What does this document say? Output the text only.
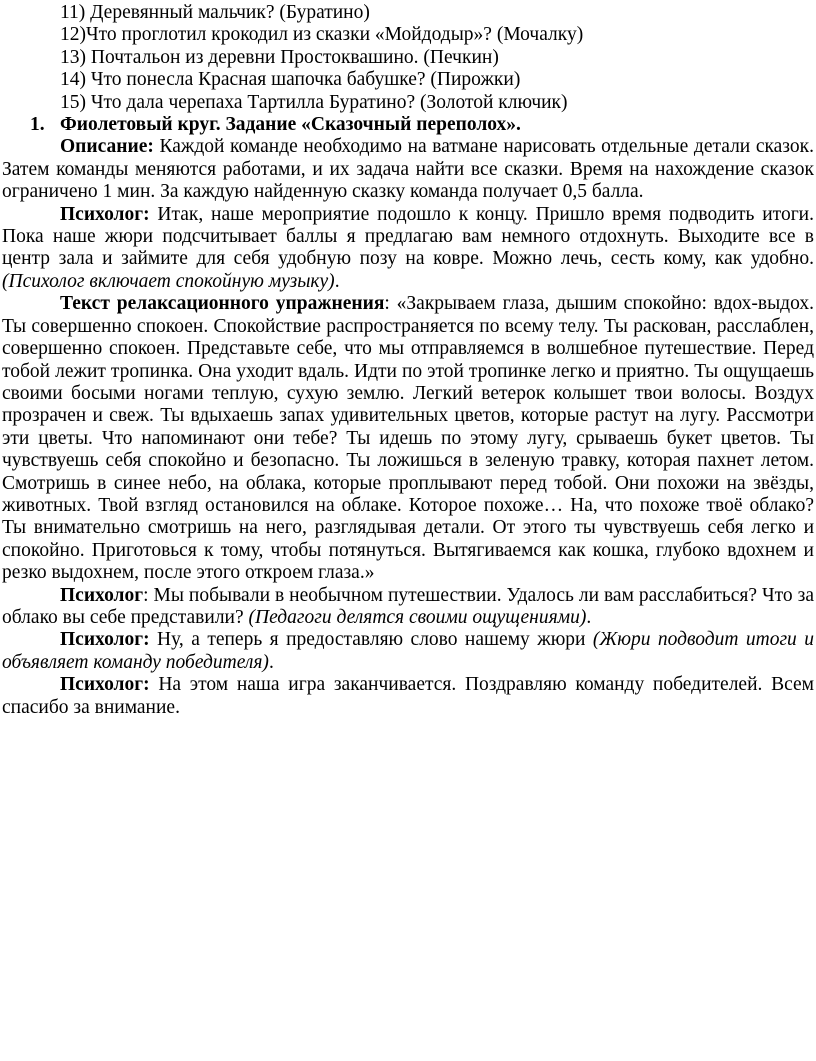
11) Деревянный мальчик? (Буратино)

12)Что проглотил крокодил из сказки «Мойдодыр»? (Мочалку)

13) Почтальон из деревни Простоквашино. (Печкин)

14) Что понесла Красная шапочка бабушке? (Пирожки)

15) Что дала черепаха Тартилла Буратино? (Золотой ключик)

1. Фиолетовый круг. Задание «Сказочный переполох».

Описание: Каждой команде необходимо на ватмане нарисовать отдельные детали сказок. Затем команды меняются работами, и их задача найти все сказки. Время на нахождение сказок ограничено 1 мин. За каждую найденную сказку команда получает 0,5 балла.

Психолог: Итак, наше мероприятие подошло к концу. Пришло время подводить итоги. Пока наше жюри подсчитывает баллы я предлагаю вам немного отдохнуть. Выходите все в центр зала и займите для себя удобную позу на ковре. Можно лечь, сесть кому, как удобно. (Психолог включает спокойную музыку).

Текст релаксационного упражнения: «Закрываем глаза, дышим спокойно: вдох-выдох. Ты совершенно спокоен. Спокойствие распространяется по всему телу. Ты раскован, расслаблен, совершенно спокоен. Представьте себе, что мы отправляемся в волшебное путешествие. Перед тобой лежит тропинка. Она уходит вдаль. Идти по этой тропинке легко и приятно. Ты ощущаешь своими босыми ногами теплую, сухую землю. Легкий ветерок колышет твои волосы. Воздух прозрачен и свеж. Ты вдыхаешь запах удивительных цветов, которые растут на лугу. Рассмотри эти цветы. Что напоминают они тебе? Ты идешь по этому лугу, срываешь букет цветов. Ты чувствуешь себя спокойно и безопасно. Ты ложишься в зеленую травку, которая пахнет летом. Смотришь в синее небо, на облака, которые проплывают перед тобой. Они похожи на звёзды, животных. Твой взгляд остановился на облаке. Которое похоже… На, что похоже твоё облако? Ты внимательно смотришь на него, разглядывая детали. От этого ты чувствуешь себя легко и спокойно. Приготовься к тому, чтобы потянуться. Вытягиваемся как кошка, глубоко вдохнем и резко выдохнем, после этого откроем глаза.»

Психолог: Мы побывали в необычном путешествии. Удалось ли вам расслабиться? Что за облако вы себе представили? (Педагоги делятся своими ощущениями).

Психолог: Ну, а теперь я предоставляю слово нашему жюри (Жюри подводит итоги и объявляет команду победителя).

Психолог: На этом наша игра заканчивается. Поздравляю команду победителей. Всем спасибо за внимание.
